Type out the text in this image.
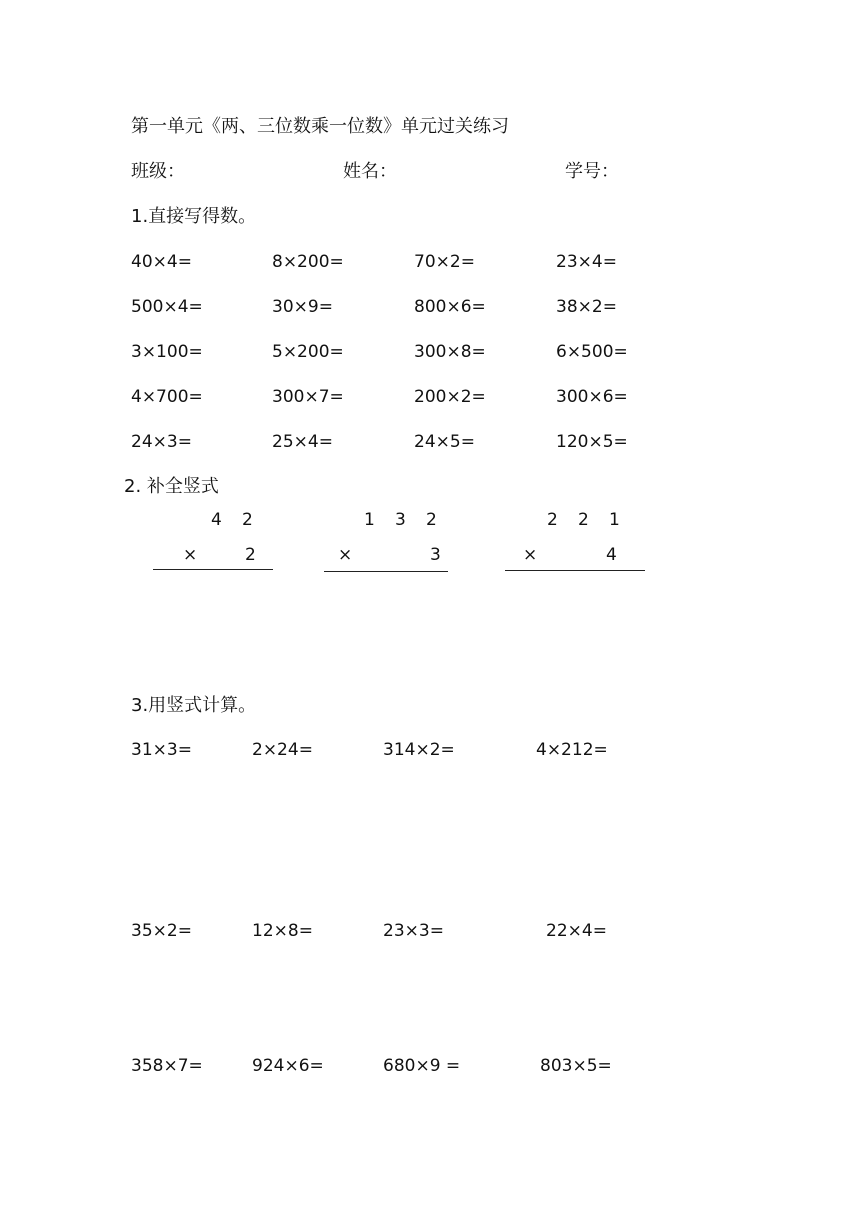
第一单元《两、三位数乘一位数》单元过关练习
班级：	姓名：	学号：
1.直接写得数。
40×4=	8×200=	70×2=	23×4=
500×4=	30×9=	800×6=	38×2=
3×100=	5×200=	300×8=	6×500=
4×700=	300×7=	200×2=	300×6=
24×3=	25×4=	24×5=	120×5=
2. 补全竖式
4 2
×	2
1 3 2
×	3
2 2 1
×	4
3.用竖式计算。
31×3=	2×24=	314×2=	4×212=
35×2=	12×8=	23×3=	22×4=
358×7=	924×6=	680×9 =	803×5=
